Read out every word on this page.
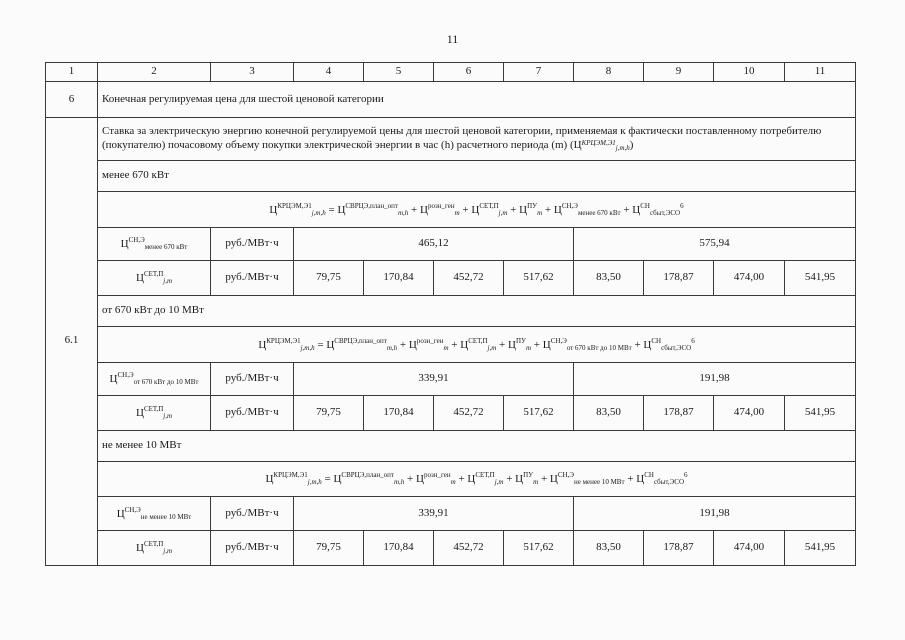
11
1	2	3	4	5	6	7	8	9	10	11
6	Конечная регулируемая цена для шестой ценовой категории									
6.1	Ставка за электрическую энергию конечной регулируемой цены для шестой ценовой категории, применяемая к фактически поставленному потребителю (покупателю) почасовому объему покупки электрической энергии в час (h) расчетного периода (m) $(Ц_{КРЦЭМ,Э1j,m,h})$									
	менее 670 кВт									
	$Ц^{КРЦЭМ,Э1}_{j,m,h} = Ц^{СВРЦЭ,план\_опт}_{m,h} + Ц^{розн\_ген}_m + Ц^{СЕТ,П}_{j,m} + Ц^{ПУ}_m$ + $Ц^{СН,Э}менее$ 670 кВт + $Ц^{СН}сбыт,ЭСО^6$
	$Ц^{СН,Э}менее$ 670 кВт	руб./МВт·ч	465,12				575,94			
	$Ц^{СЕТ,П}_{j,m}$	руб./МВт·ч	79,75	170,84	452,72	517,62	83,50	178,87	474,00	541,95
	от 670 кВт до 10 МВт									
	$Ц^{КРЦЭМ,Э1}_{j,m,h} = Ц^{СВРЦЭ,план\_опт}_{m,h} + Ц^{розн\_ген}_m + Ц^{СЕТ,П}_{j,m} + Ц^{ПУ}_m + Ц^{СН,Э}от$ 670 кВт до 10 МВт + $Ц^{СН}сбыт,ЭСО^6$
	$Ц^{СН,Э}от$ 670 кВт до 10 МВт	руб./МВт·ч	339,91				191,98			
	$Ц^{СЕТ,П}_{j,m}$	руб./МВт·ч	79,75	170,84	452,72	517,62	83,50	178,87	474,00	541,95
	не менее 10 МВт									
	$Ц^{КРЦЭМ,Э1}_{j,m,h} = Ц^{СВРЦЭ,план\_опт}_{m,h} + Ц^{розн\_ген}_m + Ц^{СЕТ,П}_{j,m} + Ц^{ПУ}_m + Ц^{СН,Э}не$ менее 10 МВт + $Ц^{СН}сбыт,ЭСО^6$
	$Ц^{СН,Э}не$ менее 10 МВт	руб./МВт·ч	339,91				191,98			
	$Ц^{СЕТ,П}_{j,m}$	руб./МВт·ч	79,75	170,84	452,72	517,62	83,50	178,87	474,00	541,95
